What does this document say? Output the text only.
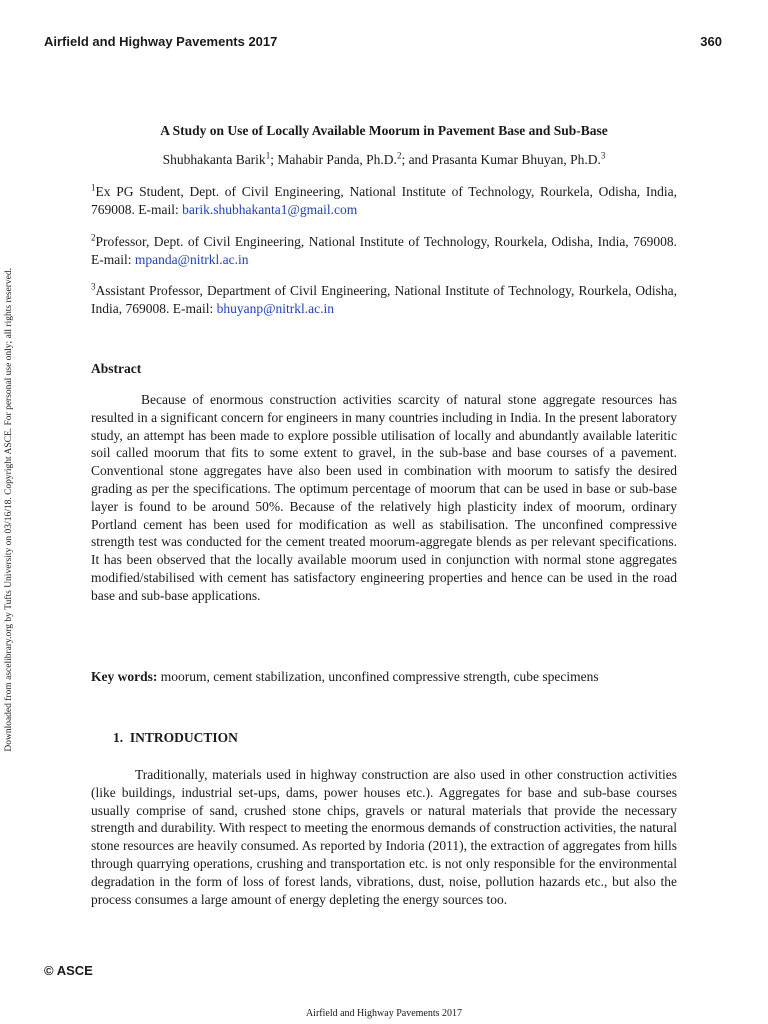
Airfield and Highway Pavements 2017	360
Downloaded from ascelibrary.org by Tufts University on 03/16/18. Copyright ASCE. For personal use only; all rights reserved.
A Study on Use of Locally Available Moorum in Pavement Base and Sub-Base
Shubhakanta Barik$^1$; Mahabir Panda, Ph.D.$^2$; and Prasanta Kumar Bhuyan, Ph.D.$^3$
$^1$Ex PG Student, Dept. of Civil Engineering, National Institute of Technology, Rourkela, Odisha, India, 769008. E-mail: barik.shubhakanta1@gmail.com
$^2$Professor, Dept. of Civil Engineering, National Institute of Technology, Rourkela, Odisha, India, 769008. E-mail: mpanda@nitrkl.ac.in
$^3$Assistant Professor, Department of Civil Engineering, National Institute of Technology, Rourkela, Odisha, India, 769008. E-mail: bhuyanp@nitrkl.ac.in
Abstract
Because of enormous construction activities scarcity of natural stone aggregate resources has resulted in a significant concern for engineers in many countries including in India. In the present laboratory study, an attempt has been made to explore possible utilisation of locally and abundantly available lateritic soil called moorum that fits to some extent to gravel, in the sub-base and base courses of a pavement. Conventional stone aggregates have also been used in combination with moorum to satisfy the desired grading as per the specifications. The optimum percentage of moorum that can be used in base or sub-base layer is found to be around 50%. Because of the relatively high plasticity index of moorum, ordinary Portland cement has been used for modification as well as stabilisation. The unconfined compressive strength test was conducted for the cement treated moorum-aggregate blends as per relevant specifications. It has been observed that the locally available moorum used in conjunction with normal stone aggregates modified/stabilised with cement has satisfactory engineering properties and hence can be used in the road base and sub-base applications.
Key words: moorum, cement stabilization, unconfined compressive strength, cube specimens
1.  INTRODUCTION
Traditionally, materials used in highway construction are also used in other construction activities (like buildings, industrial set-ups, dams, power houses etc.). Aggregates for base and sub-base courses usually comprise of sand, crushed stone chips, gravels or natural materials that provide the necessary strength and durability. With respect to meeting the enormous demands of construction activities, the natural stone resources are heavily consumed. As reported by Indoria (2011), the extraction of aggregates from hills through quarrying operations, crushing and transportation etc. is not only responsible for the environmental degradation in the form of loss of forest lands, vibrations, dust, noise, pollution hazards etc., but also the process consumes a large amount of energy depleting the energy sources too.
© ASCE
Airfield and Highway Pavements 2017
